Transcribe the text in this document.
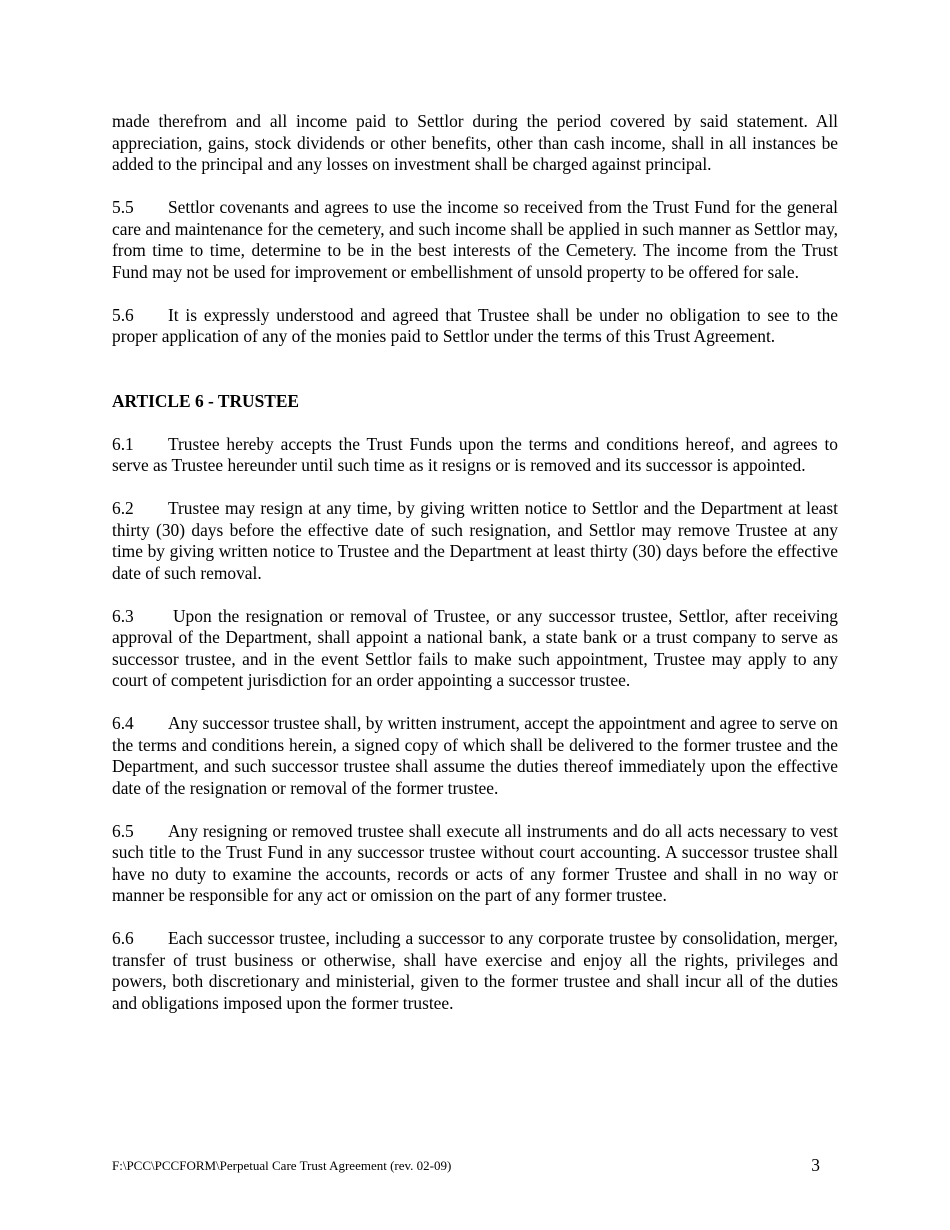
made therefrom and all income paid to Settlor during the period covered by said statement. All appreciation, gains, stock dividends or other benefits, other than cash income, shall in all instances be added to the principal and any losses on investment shall be charged against principal.

5.5 Settlor covenants and agrees to use the income so received from the Trust Fund for the general care and maintenance for the cemetery, and such income shall be applied in such manner as Settlor may, from time to time, determine to be in the best interests of the Cemetery. The income from the Trust Fund may not be used for improvement or embellishment of unsold property to be offered for sale.

5.6 It is expressly understood and agreed that Trustee shall be under no obligation to see to the proper application of any of the monies paid to Settlor under the terms of this Trust Agreement.

ARTICLE 6 - TRUSTEE

6.1 Trustee hereby accepts the Trust Funds upon the terms and conditions hereof, and agrees to serve as Trustee hereunder until such time as it resigns or is removed and its successor is appointed.

6.2 Trustee may resign at any time, by giving written notice to Settlor and the Department at least thirty (30) days before the effective date of such resignation, and Settlor may remove Trustee at any time by giving written notice to Trustee and the Department at least thirty (30) days before the effective date of such removal.

6.3 Upon the resignation or removal of Trustee, or any successor trustee, Settlor, after receiving approval of the Department, shall appoint a national bank, a state bank or a trust company to serve as successor trustee, and in the event Settlor fails to make such appointment, Trustee may apply to any court of competent jurisdiction for an order appointing a successor trustee.

6.4 Any successor trustee shall, by written instrument, accept the appointment and agree to serve on the terms and conditions herein, a signed copy of which shall be delivered to the former trustee and the Department, and such successor trustee shall assume the duties thereof immediately upon the effective date of the resignation or removal of the former trustee.

6.5 Any resigning or removed trustee shall execute all instruments and do all acts necessary to vest such title to the Trust Fund in any successor trustee without court accounting. A successor trustee shall have no duty to examine the accounts, records or acts of any former Trustee and shall in no way or manner be responsible for any act or omission on the part of any former trustee.

6.6 Each successor trustee, including a successor to any corporate trustee by consolidation, merger, transfer of trust business or otherwise, shall have exercise and enjoy all the rights, privileges and powers, both discretionary and ministerial, given to the former trustee and shall incur all of the duties and obligations imposed upon the former trustee.

F:\PCC\PCCFORM\Perpetual Care Trust Agreement (rev. 02-09)	3
